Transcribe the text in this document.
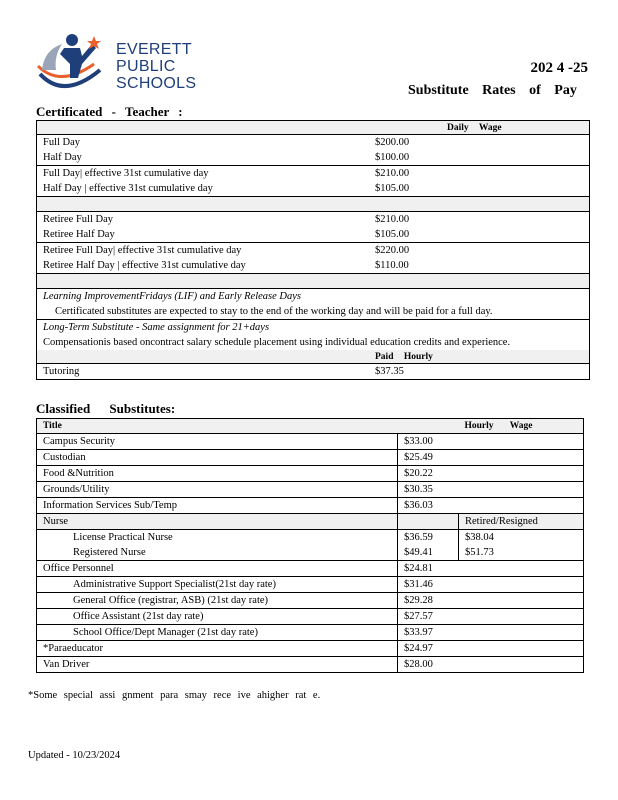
EVERETT
PUBLIC
SCHOOLS
202 4 -25
Substitute Rates of Pay
Certificated - Teacher :
		Daily Wage
Full Day	$200.00	
Half Day	$100.00	
Full Day| effective 31st cumulative day	$210.00	
Half Day | effective 31st cumulative day	$105.00	

Retiree Full Day	$210.00	
Retiree Half Day	$105.00	
Retiree Full Day| effective 31st cumulative day	$220.00	
Retiree Half Day | effective 31st cumulative day	$110.00	

Learning ImprovementFridays (LIF) and Early Release Days		
Certificated substitutes are expected to stay to the end of the working day and will be paid for a full day.		
Long-Term Substitute - Same assignment for 21+days		
Compensationis based oncontract salary schedule placement using individual education credits and experience.		
	Paid Hourly	
Tutoring	$37.35	
Classified Substitutes:
Title		Hourly Wage
Campus Security	$33.00	
Custodian	$25.49	
Food &Nutrition	$20.22	
Grounds/Utility	$30.35	
Information Services Sub/Temp	$36.03	
Nurse		Retired/Resigned
License Practical Nurse	$36.59	$38.04
Registered Nurse	$49.41	$51.73
Office Personnel	$24.81	
Administrative Support Specialist(21st day rate)	$31.46	
General Office (registrar, ASB) (21st day rate)	$29.28	
Office Assistant (21st day rate)	$27.57	
School Office/Dept Manager (21st day rate)	$33.97	
*Paraeducator	$24.97	
Van Driver	$28.00	
*Some special assi gnment para smay rece ive ahigher rat e.
Updated - 10/23/2024
